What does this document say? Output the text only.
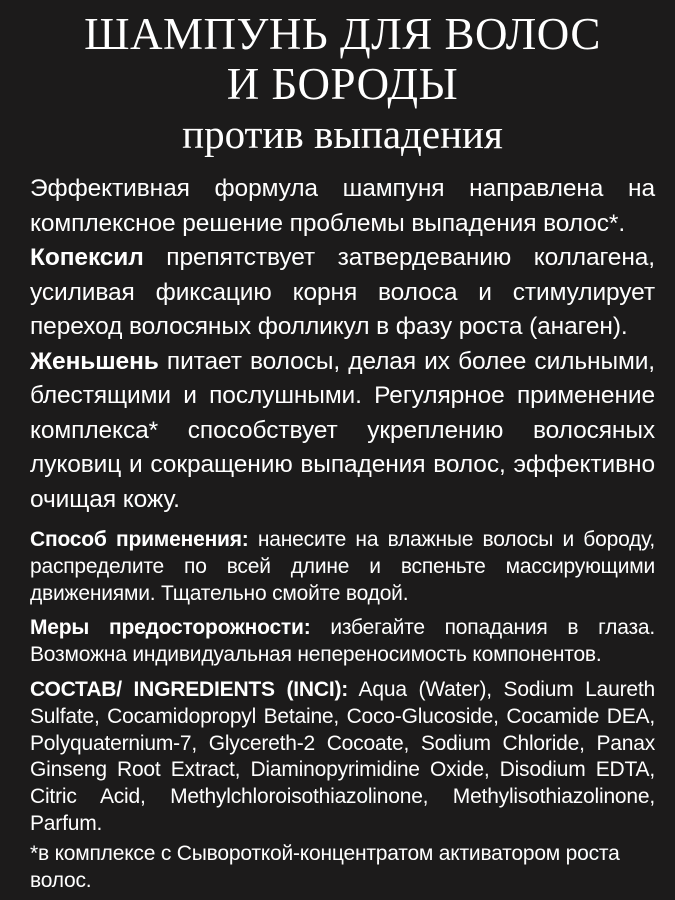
ШАМПУНЬ ДЛЯ ВОЛОС
И БОРОДЫ
против выпадения

Эффективная формула шампуня направлена на комплексное решение проблемы выпадения волос*.

Копексил препятствует затвердеванию коллагена, усиливая фиксацию корня волоса и стимулирует переход волосяных фолликул в фазу роста (анаген).

Женьшень питает волосы, делая их более сильными, блестящими и послушными. Регулярное применение комплекса* способствует укреплению волосяных луковиц и сокращению выпадения волос, эффективно очищая кожу.

Способ применения: нанесите на влажные волосы и бороду, распределите по всей длине и вспеньте массирующими движениями. Тщательно смойте водой.
Меры предосторожности: избегайте попадания в глаза. Возможна индивидуальная непереносимость компонентов.
СОСТАВ/ INGREDIENTS (INCI): Aqua (Water), Sodium Laureth Sulfate, Cocamidopropyl Betaine, Coco-Glucoside, Cocamide DEA, Polyquaternium-7, Glycereth-2 Cocoate, Sodium Chloride, Panax Ginseng Root Extract, Diaminopyrimidine Oxide, Disodium EDTA, Citric Acid, Methylchloroisothiazolinone, Methylisothiazolinone, Parfum.
*в комплексе с Сывороткой-концентратом активатором роста волос.
